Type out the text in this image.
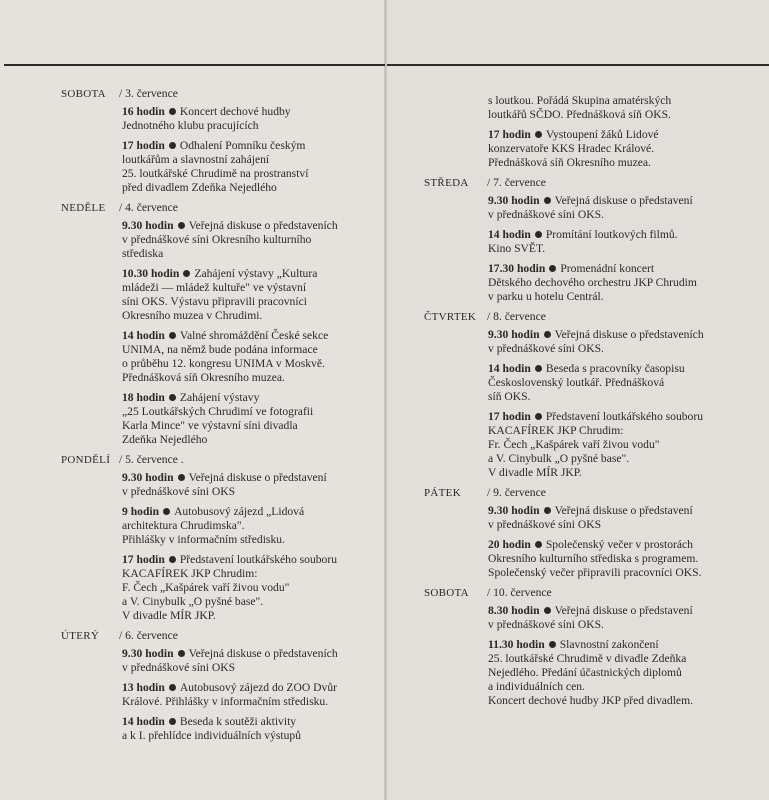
SOBOTA	/ 3. července
16 hodin Koncert dechové hudby
Jednotného klubu pracujících
17 hodin Odhalení Pomníku českým
loutkářům a slavnostní zahájení
25. loutkářské Chrudimě na prostranství
před divadlem Zdeňka Nejedlého
NEDĚLE	/ 4. července
9.30 hodin Veřejná diskuse o představeních
v přednáškové síni Okresního kulturního
střediska
10.30 hodin Zahájení výstavy „Kultura
mládeži — mládež kultuře" ve výstavní
síni OKS. Výstavu připravili pracovníci
Okresního muzea v Chrudimi.
14 hodin Valné shromáždění České sekce
UNIMA, na němž bude podána informace
o průběhu 12. kongresu UNIMA v Moskvě.
Přednášková síň Okresního muzea.
18 hodin Zahájení výstavy
„25 Loutkářských Chrudimí ve fotografii
Karla Mince" ve výstavní síni divadla
Zdeňka Nejedlého
PONDĚLÍ / 5. července .
9.30 hodin Veřejná diskuse o představení
v přednáškové síni OKS
9 hodin Autobusový zájezd „Lidová
architektura Chrudimska".
Přihlášky v informačním středisku.
17 hodin Představení loutkářského souboru
KACAFÍREK JKP Chrudim:
F. Čech „Kašpárek vaří živou vodu"
a V. Cinybulk „O pyšné base".
V divadle MÍR JKP.
ÚTERÝ	/ 6. července
9.30 hodin Veřejná diskuse o představeních
v přednáškové síni OKS
13 hodin Autobusový zájezd do ZOO Dvůr
Králové. Přihlášky v informačním středisku.
14 hodin Beseda k soutěži aktivity
a k I. přehlídce individuálních výstupů
s loutkou. Pořádá Skupina amatérských
loutkářů SČDO. Přednášková síň OKS.
17 hodin Vystoupení žáků Lidové
konzervatoře KKS Hradec Králové.
Přednášková síň Okresního muzea.
STŘEDA	/ 7. července
9.30 hodin Veřejná diskuse o představení
v přednáškové síni OKS.
14 hodin Promítání loutkových filmů.
Kino SVĚT.
17.30 hodin Promenádní koncert
Dětského dechového orchestru JKP Chrudim
v parku u hotelu Centrál.
ČTVRTEK / 8. července
9.30 hodin Veřejná diskuse o představeních
v přednáškové síni OKS.
14 hodin Beseda s pracovníky časopisu
Československý loutkář. Přednášková
síň OKS.
17 hodin Představení loutkářského souboru
KACAFÍREK JKP Chrudim:
Fr. Čech „Kašpárek vaří živou vodu"
a V. Cinybulk „O pyšné base".
V divadle MÍR JKP.
PÁTEK	/ 9. července
9.30 hodin Veřejná diskuse o představení
v přednáškové síni OKS
20 hodin Společenský večer v prostorách
Okresního kulturního střediska s programem.
Společenský večer připravili pracovníci OKS.
SOBOTA	/ 10. července
8.30 hodin Veřejná diskuse o představení
v přednáškové síni OKS.
11.30 hodin Slavnostní zakončení
25. loutkářské Chrudimě v divadle Zdeňka
Nejedlého. Předání účastnických diplomů
a individuálních cen.
Koncert dechové hudby JKP před divadlem.
